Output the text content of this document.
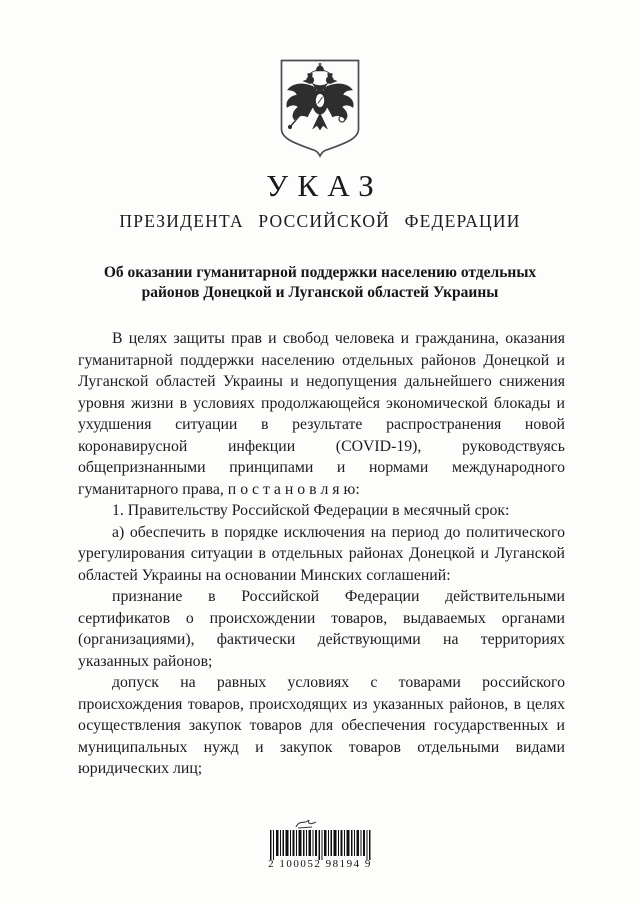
УКАЗ
ПРЕЗИДЕНТА РОССИЙСКОЙ ФЕДЕРАЦИИ
Об оказании гуманитарной поддержки населению отдельных районов Донецкой и Луганской областей Украины

В целях защиты прав и свобод человека и гражданина, оказания гуманитарной поддержки населению отдельных районов Донецкой и Луганской областей Украины и недопущения дальнейшего снижения уровня жизни в условиях продолжающейся экономической блокады и ухудшения ситуации в результате распространения новой коронавирусной инфекции (COVID-19), руководствуясь общепризнанными принципами и нормами международного гуманитарного права, п о с т а н о в л я ю:

1. Правительству Российской Федерации в месячный срок:

а) обеспечить в порядке исключения на период до политического урегулирования ситуации в отдельных районах Донецкой и Луганской областей Украины на основании Минских соглашений:

признание в Российской Федерации действительными сертификатов о происхождении товаров, выдаваемых органами (организациями), фактически действующими на территориях указанных районов;

допуск на равных условиях с товарами российского происхождения товаров, происходящих из указанных районов, в целях осуществления закупок товаров для обеспечения государственных и муниципальных нужд и закупок товаров отдельными видами юридических лиц;

2 100052 98194 9
